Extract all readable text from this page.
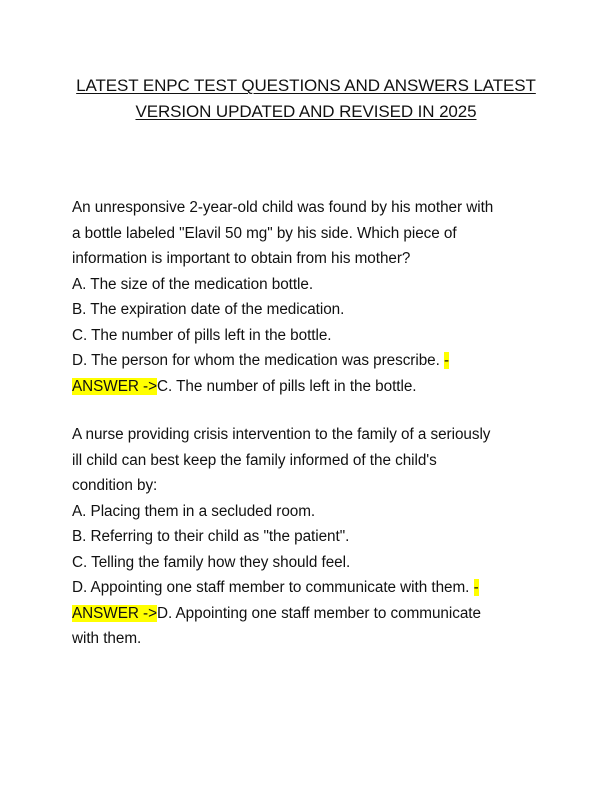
LATEST ENPC TEST QUESTIONS AND ANSWERS LATEST
VERSION UPDATED AND REVISED IN 2025
An unresponsive 2-year-old child was found by his mother with
a bottle labeled "Elavil 50 mg" by his side. Which piece of
information is important to obtain from his mother?
A. The size of the medication bottle.
B. The expiration date of the medication.
C. The number of pills left in the bottle.
D. The person for whom the medication was prescribe. -
ANSWER ->C. The number of pills left in the bottle.
A nurse providing crisis intervention to the family of a seriously
ill child can best keep the family informed of the child's
condition by:
A. Placing them in a secluded room.
B. Referring to their child as "the patient".
C. Telling the family how they should feel.
D. Appointing one staff member to communicate with them. -
ANSWER ->D. Appointing one staff member to communicate
with them.
